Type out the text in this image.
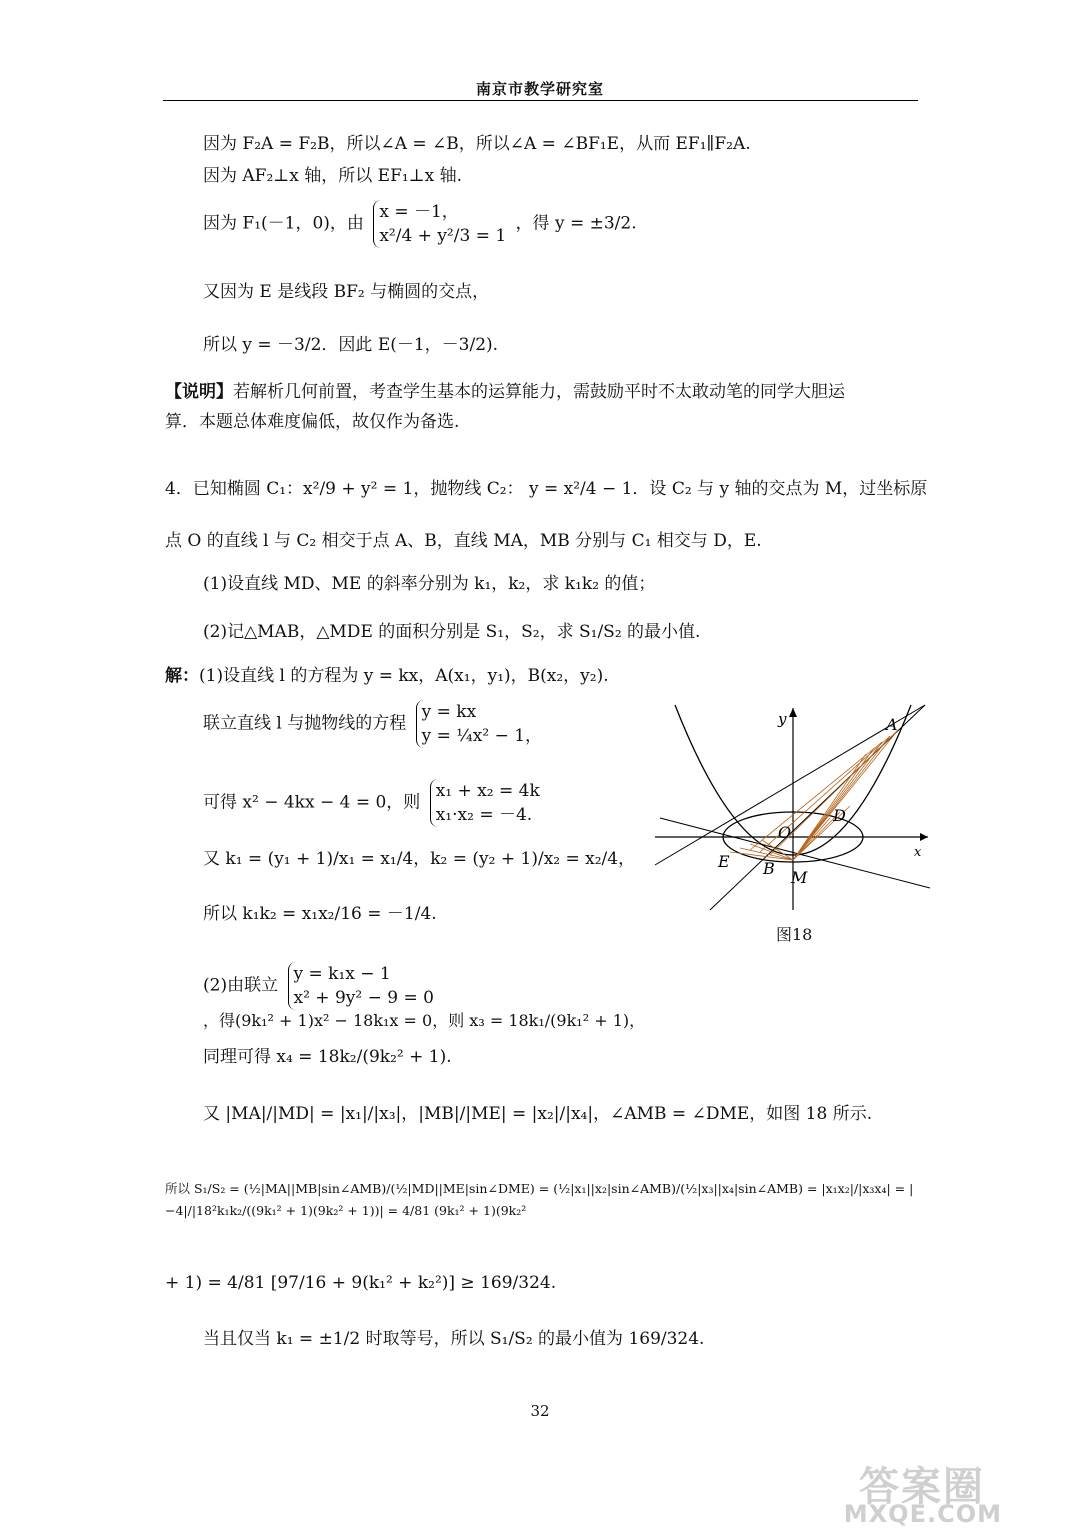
南京市教学研究室
因为 F₂A = F₂B，所以∠A = ∠B，所以∠A = ∠BF₁E，从而 EF₁∥F₂A.
因为 AF₂⊥x 轴，所以 EF₁⊥x 轴.
因为 F₁(－1，0)，由
x = －1，
x²/4 + y²/3 = 1
，得 y = ±3/2.
又因为 E 是线段 BF₂ 与椭圆的交点，
所以 y = －3/2．因此 E(－1，－3/2).
【说明】若解析几何前置，考查学生基本的运算能力，需鼓励平时不太敢动笔的同学大胆运
算．本题总体难度偏低，故仅作为备选.
4．已知椭圆 C₁：x²/9 + y² = 1，抛物线 C₂： y = x²/4 − 1．设 C₂ 与 y 轴的交点为 M，过坐标原
点 O 的直线 l 与 C₂ 相交于点 A、B，直线 MA，MB 分别与 C₁ 相交与 D，E.
(1)设直线 MD、ME 的斜率分别为 k₁，k₂，求 k₁k₂ 的值；
(2)记△MAB，△MDE 的面积分别是 S₁，S₂，求 S₁/S₂ 的最小值.
解：(1)设直线 l 的方程为 y = kx，A(x₁，y₁)，B(x₂，y₂).
联立直线 l 与抛物线的方程
y = kx
y = ¼x² − 1，
可得 x² − 4kx − 4 = 0，则
x₁ + x₂ = 4k
x₁·x₂ = －4.
又 k₁ = (y₁ + 1)/x₁ = x₁/4，k₂ = (y₂ + 1)/x₂ = x₂/4，
所以 k₁k₂ = x₁x₂/16 = －1/4.
(2)由联立
y = k₁x − 1
x² + 9y² − 9 = 0
，得(9k₁² + 1)x² − 18k₁x = 0，则 x₃ = 18k₁/(9k₁² + 1)，
同理可得 x₄ = 18k₂/(9k₂² + 1).
又 |MA|/|MD| = |x₁|/|x₃|，|MB|/|ME| = |x₂|/|x₄|，∠AMB = ∠DME，如图 18 所示.
所以 S₁/S₂ = (½|MA||MB|sin∠AMB)/(½|MD||ME|sin∠DME) = (½|x₁||x₂|sin∠AMB)/(½|x₃||x₄|sin∠AMB) = |x₁x₂|/|x₃x₄| = |−4|/|18²k₁k₂/((9k₁² + 1)(9k₂² + 1))| = 4/81 (9k₁² + 1)(9k₂²
+ 1) = 4/81 [97/16 + 9(k₁² + k₂²)] ≥ 169/324.
当且仅当 k₁ = ±1/2 时取等号，所以 S₁/S₂ 的最小值为 169/324.
y
x
A
D
O
E B M
图18
32
答案圈
MXQE.COM
